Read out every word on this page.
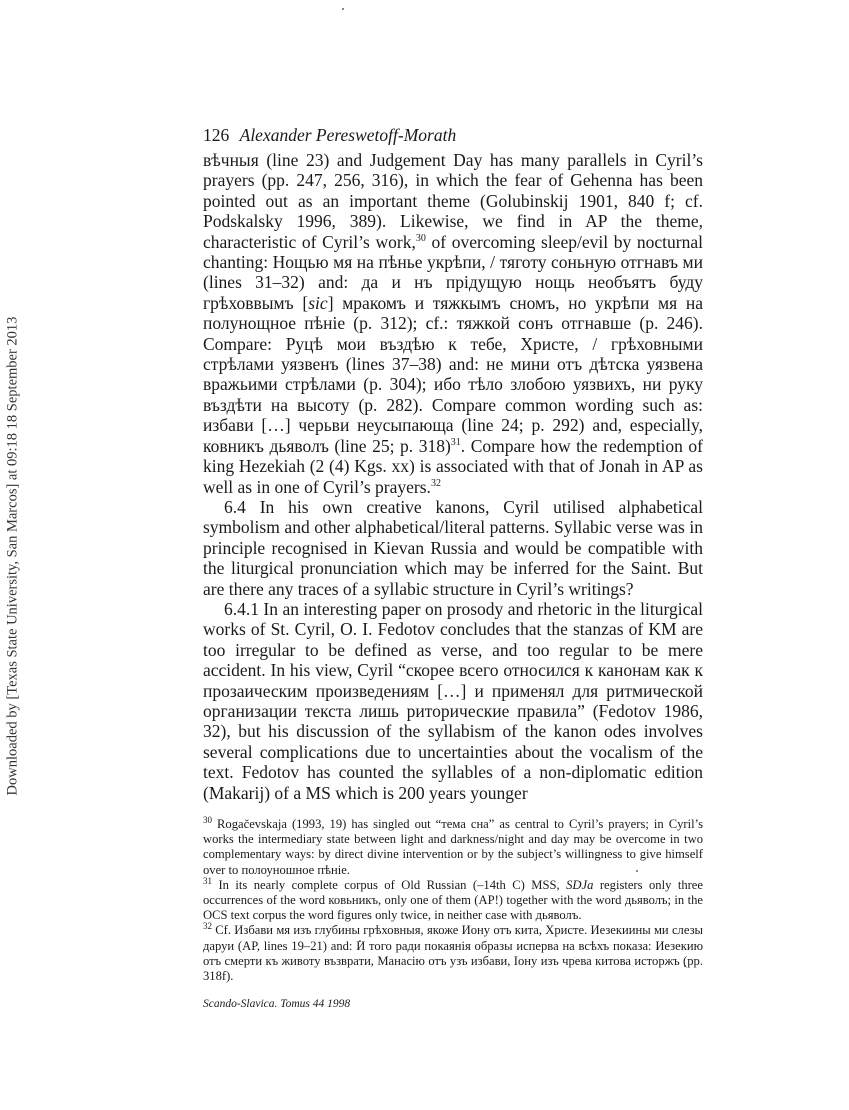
Downloaded by [Texas State University, San Marcos] at 09:18 18 September 2013
126 Alexander Pereswetoff-Morath

вѣчныя (line 23) and Judgement Day has many parallels in Cyril’s prayers (pp. 247, 256, 316), in which the fear of Gehenna has been pointed out as an important theme (Golubinskij 1901, 840 f; cf. Podskalsky 1996, 389). Likewise, we find in AP the theme, characteristic of Cyril’s work,$^{30}$ of overcoming sleep/evil by nocturnal chanting: Нощью мя на пѣнье укрѣпи, / тяготу соньную отгнавъ ми (lines 31–32) and: да и нъ прідущую нощь необъятъ буду грѣховвымъ [sic] мракомъ и тяжкымъ сномъ, но укрѣпи мя на полунощное пѣніе (p. 312); cf.: тяжкой сонъ отгнавше (p. 246). Compare: Руцѣ мои въздѣю к тебе, Христе, / грѣховными стрѣлами уязвенъ (lines 37–38) and: не мини отъ дѣтска уязвена вражьими стрѣлами (p. 304); ибо тѣло злобою уязвихъ, ни руку въздѣти на высоту (p. 282). Compare common wording such as: избави […] черьви неусыпающа (line 24; p. 292) and, especially, ковникъ дьяволъ (line 25; p. 318)$^{31}$. Compare how the redemption of king Hezekiah (2 (4) Kgs. xx) is associated with that of Jonah in AP as well as in one of Cyril’s prayers.$^{32}$

6.4 In his own creative kanons, Cyril utilised alphabetical symbolism and other alphabetical/literal patterns. Syllabic verse was in principle recognised in Kievan Russia and would be compatible with the liturgical pronunciation which may be inferred for the Saint. But are there any traces of a syllabic structure in Cyril’s writings?

6.4.1 In an interesting paper on prosody and rhetoric in the liturgical works of St. Cyril, O. I. Fedotov concludes that the stanzas of KM are too irregular to be defined as verse, and too regular to be mere accident. In his view, Cyril “скорее всего относился к канонам как к прозаическим произведениям […] и применял для ритмической организации текста лишь риторические правила” (Fedotov 1986, 32), but his discussion of the syllabism of the kanon odes involves several complications due to uncertainties about the vocalism of the text. Fedotov has counted the syllables of a non-diplomatic edition (Makarij) of a MS which is 200 years younger

$^{30}$ Rogačevskaja (1993, 19) has singled out “тема сна” as central to Cyril’s prayers; in Cyril’s works the intermediary state between light and darkness/night and day may be overcome in two complementary ways: by direct divine intervention or by the subject’s willingness to give himself over to полоуношное пѣніе.

$^{31}$ In its nearly complete corpus of Old Russian (–14th C) MSS, SDJa registers only three occurrences of the word ковьникъ, only one of them (AP!) together with the word дьяволъ; in the OCS text corpus the word figures only twice, in neither case with дьяволъ.

$^{32}$ Cf. Избави мя изъ глубины грѣховныя, якоже Иону отъ кита, Христе. Иезекиины ми слезы даруи (AP, lines 19–21) and: И того ради покаянія образы исперва на всѣхъ показа: Иезекию отъ смерти къ животу възврати, Манасію отъ узъ избави, Іону изъ чрева китова исторжъ (pp. 318f).

Scando-Slavica. Tomus 44 1998
